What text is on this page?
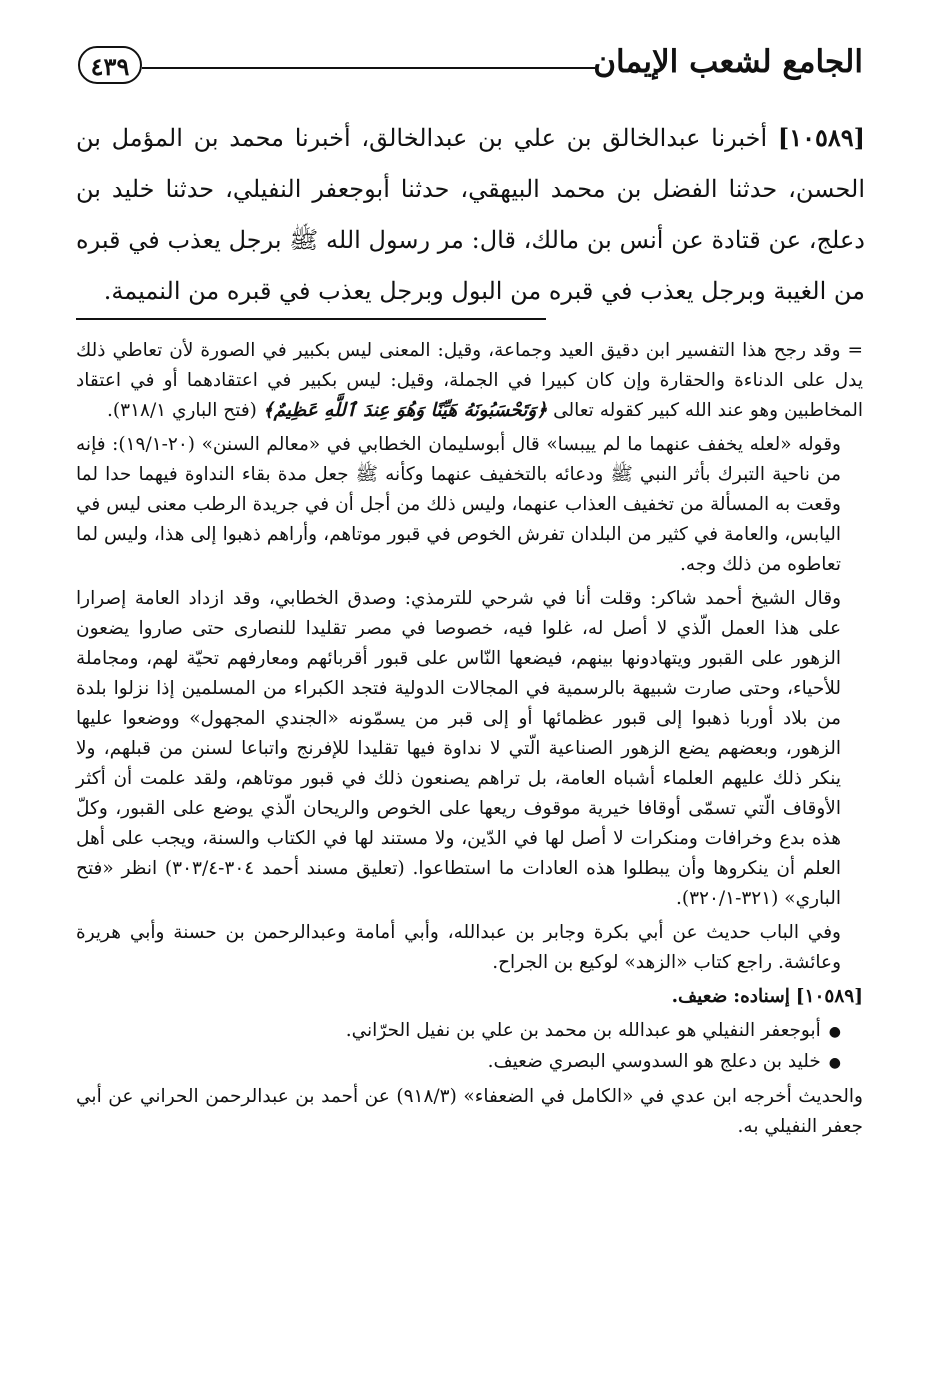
الجامع لشعب الإيمان
٤٣٩
[١٠٥٨٩] أخبرنا عبدالخالق بن علي بن عبدالخالق، أخبرنا محمد بن المؤمل بن الحسن، حدثنا الفضل بن محمد البيهقي، حدثنا أبوجعفر النفيلي، حدثنا خليد بن دعلج، عن قتادة عن أنس بن مالك، قال: مر رسول الله ﷺ برجل يعذب في قبره من الغيبة وبرجل يعذب في قبره من البول وبرجل يعذب في قبره من النميمة.

= وقد رجح هذا التفسير ابن دقيق العيد وجماعة، وقيل: المعنى ليس بكبير في الصورة لأن تعاطي ذلك يدل على الدناءة والحقارة وإن كان كبيرا في الجملة، وقيل: ليس بكبير في اعتقادهما أو في اعتقاد المخاطبين وهو عند الله كبير كقوله تعالى ﴿وَتَحْسَبُونَهُ هَيِّنًا وَهُوَ عِندَ ٱللَّهِ عَظِيمٌ﴾ (فتح الباري ٣١٨/١).

وقوله «لعله يخفف عنهما ما لم ييبسا» قال أبوسليمان الخطابي في «معالم السنن» (٢٠-١٩/١): فإنه من ناحية التبرك بأثر النبي ﷺ ودعائه بالتخفيف عنهما وكأنه ﷺ جعل مدة بقاء النداوة فيهما حدا لما وقعت به المسألة من تخفيف العذاب عنهما، وليس ذلك من أجل أن في جريدة الرطب معنى ليس في اليابس، والعامة في كثير من البلدان تفرش الخوص في قبور موتاهم، وأراهم ذهبوا إلى هذا، وليس لما تعاطوه من ذلك وجه.

وقال الشيخ أحمد شاكر: وقلت أنا في شرحي للترمذي: وصدق الخطابي، وقد ازداد العامة إصرارا على هذا العمل الّذي لا أصل له، غلوا فيه، خصوصا في مصر تقليدا للنصارى حتى صاروا يضعون الزهور على القبور ويتهادونها بينهم، فيضعها النّاس على قبور أقربائهم ومعارفهم تحيّة لهم، ومجاملة للأحياء، وحتى صارت شبيهة بالرسمية في المجالات الدولية فتجد الكبراء من المسلمين إذا نزلوا بلدة من بلاد أوربا ذهبوا إلى قبور عظمائها أو إلى قبر من يسمّونه «الجندي المجهول» ووضعوا عليها الزهور، وبعضهم يضع الزهور الصناعية الّتي لا نداوة فيها تقليدا للإفرنج واتباعا لسنن من قبلهم، ولا ينكر ذلك عليهم العلماء أشباه العامة، بل تراهم يصنعون ذلك في قبور موتاهم، ولقد علمت أن أكثر الأوقاف الّتي تسمّى أوقافا خيرية موقوف ريعها على الخوص والريحان الّذي يوضع على القبور، وكلّ هذه بدع وخرافات ومنكرات لا أصل لها في الدّين، ولا مستند لها في الكتاب والسنة، ويجب على أهل العلم أن ينكروها وأن يبطلوا هذه العادات ما استطاعوا. (تعليق مسند أحمد ٣٠٤-٣٠٣/٤) انظر «فتح الباري» (٣٢١-٣٢٠/١).

وفي الباب حديث عن أبي بكرة وجابر بن عبدالله، وأبي أمامة وعبدالرحمن بن حسنة وأبي هريرة وعائشة. راجع كتاب «الزهد» لوكيع بن الجراح.

[١٠٥٨٩] إسناده: ضعيف.

●أبوجعفر النفيلي هو عبدالله بن محمد بن علي بن نفيل الحرّاني.
●خليد بن دعلج هو السدوسي البصري ضعيف.

والحديث أخرجه ابن عدي في «الكامل في الضعفاء» (٩١٨/٣) عن أحمد بن عبدالرحمن الحراني عن أبي جعفر النفيلي به.
